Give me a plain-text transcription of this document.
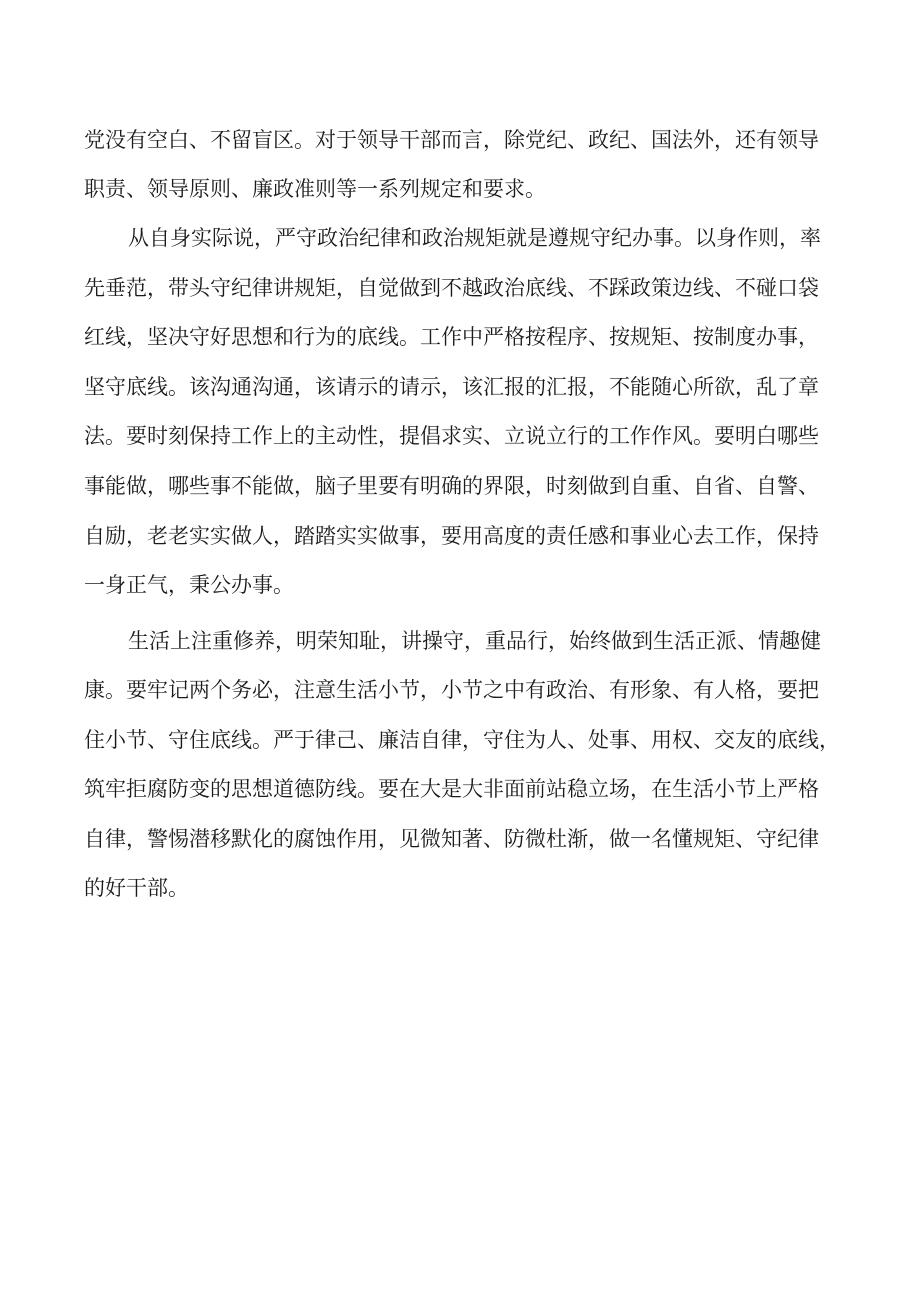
党没有空白、不留盲区。对于领导干部而言，除党纪、政纪、国法外，还有领导

职责、领导原则、廉政准则等一系列规定和要求。

从自身实际说，严守政治纪律和政治规矩就是遵规守纪办事。以身作则，率

先垂范，带头守纪律讲规矩，自觉做到不越政治底线、不踩政策边线、不碰口袋

红线，坚决守好思想和行为的底线。工作中严格按程序、按规矩、按制度办事，

坚守底线。该沟通沟通，该请示的请示，该汇报的汇报，不能随心所欲，乱了章

法。要时刻保持工作上的主动性，提倡求实、立说立行的工作作风。要明白哪些

事能做，哪些事不能做，脑子里要有明确的界限，时刻做到自重、自省、自警、

自励，老老实实做人，踏踏实实做事，要用高度的责任感和事业心去工作，保持

一身正气，秉公办事。

生活上注重修养，明荣知耻，讲操守，重品行，始终做到生活正派、情趣健

康。要牢记两个务必，注意生活小节，小节之中有政治、有形象、有人格，要把

住小节、守住底线。严于律己、廉洁自律，守住为人、处事、用权、交友的底线，

筑牢拒腐防变的思想道德防线。要在大是大非面前站稳立场，在生活小节上严格

自律，警惕潜移默化的腐蚀作用，见微知著、防微杜渐，做一名懂规矩、守纪律

的好干部。
